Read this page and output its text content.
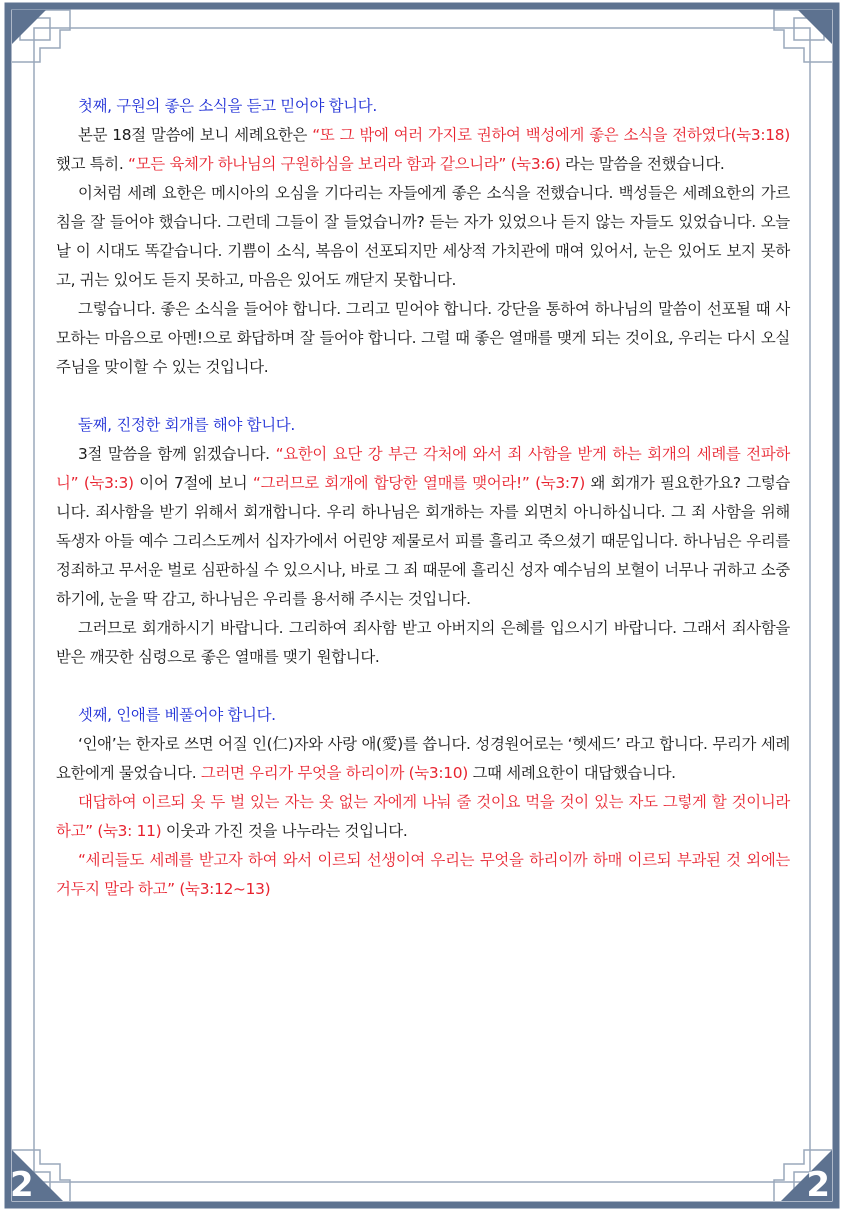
2	2
첫째, 구원의 좋은 소식을 듣고 믿어야 합니다.

본문 18절 말씀에 보니 세례요한은 “또 그 밖에 여러 가지로 권하여 백성에게 좋은 소식을 전하였다(눅3:18)했고 특히. “모든 육체가 하나님의 구원하심을 보리라 함과 같으니라” (눅3:6) 라는 말씀을 전했습니다.

이처럼 세례 요한은 메시아의 오심을 기다리는 자들에게 좋은 소식을 전했습니다. 백성들은 세례요한의 가르침을 잘 들어야 했습니다. 그런데 그들이 잘 들었습니까? 듣는 자가 있었으나 듣지 않는 자들도 있었습니다. 오늘날 이 시대도 똑같습니다. 기쁨이 소식, 복음이 선포되지만 세상적 가치관에 매여 있어서, 눈은 있어도 보지 못하고, 귀는 있어도 듣지 못하고, 마음은 있어도 깨닫지 못합니다.

그렇습니다. 좋은 소식을 들어야 합니다. 그리고 믿어야 합니다. 강단을 통하여 하나님의 말씀이 선포될 때 사모하는 마음으로 아멘!으로 화답하며 잘 들어야 합니다. 그럴 때 좋은 열매를 맺게 되는 것이요, 우리는 다시 오실 주님을 맞이할 수 있는 것입니다.

둘째, 진정한 회개를 해야 합니다.

3절 말씀을 함께 읽겠습니다. “요한이 요단 강 부근 각처에 와서 죄 사함을 받게 하는 회개의 세례를 전파하니” (눅3:3) 이어 7절에 보니 “그러므로 회개에 합당한 열매를 맺어라!” (눅3:7) 왜 회개가 필요한가요? 그렇습니다. 죄사함을 받기 위해서 회개합니다. 우리 하나님은 회개하는 자를 외면치 아니하십니다. 그 죄 사함을 위해 독생자 아들 예수 그리스도께서 십자가에서 어린양 제물로서 피를 흘리고 죽으셨기 때문입니다. 하나님은 우리를 정죄하고 무서운 벌로 심판하실 수 있으시나, 바로 그 죄 때문에 흘리신 성자 예수님의 보혈이 너무나 귀하고 소중하기에, 눈을 딱 감고, 하나님은 우리를 용서해 주시는 것입니다.

그러므로 회개하시기 바랍니다. 그리하여 죄사함 받고 아버지의 은혜를 입으시기 바랍니다. 그래서 죄사함을 받은 깨끗한 심령으로 좋은 열매를 맺기 원합니다.

셋째, 인애를 베풀어야 합니다.

‘인애’는 한자로 쓰면 어질 인(仁)자와 사랑 애(愛)를 씁니다. 성경원어로는 ‘헷세드’ 라고 합니다. 무리가 세례요한에게 물었습니다. 그러면 우리가 무엇을 하리이까 (눅3:10) 그때 세례요한이 대답했습니다.

대답하여 이르되 옷 두 벌 있는 자는 옷 없는 자에게 나눠 줄 것이요 먹을 것이 있는 자도 그렇게 할 것이니라 하고” (눅3: 11) 이웃과 가진 것을 나누라는 것입니다.

“세리들도 세례를 받고자 하여 와서 이르되 선생이여 우리는 무엇을 하리이까 하매 이르되 부과된 것 외에는 거두지 말라 하고” (눅3:12~13)
